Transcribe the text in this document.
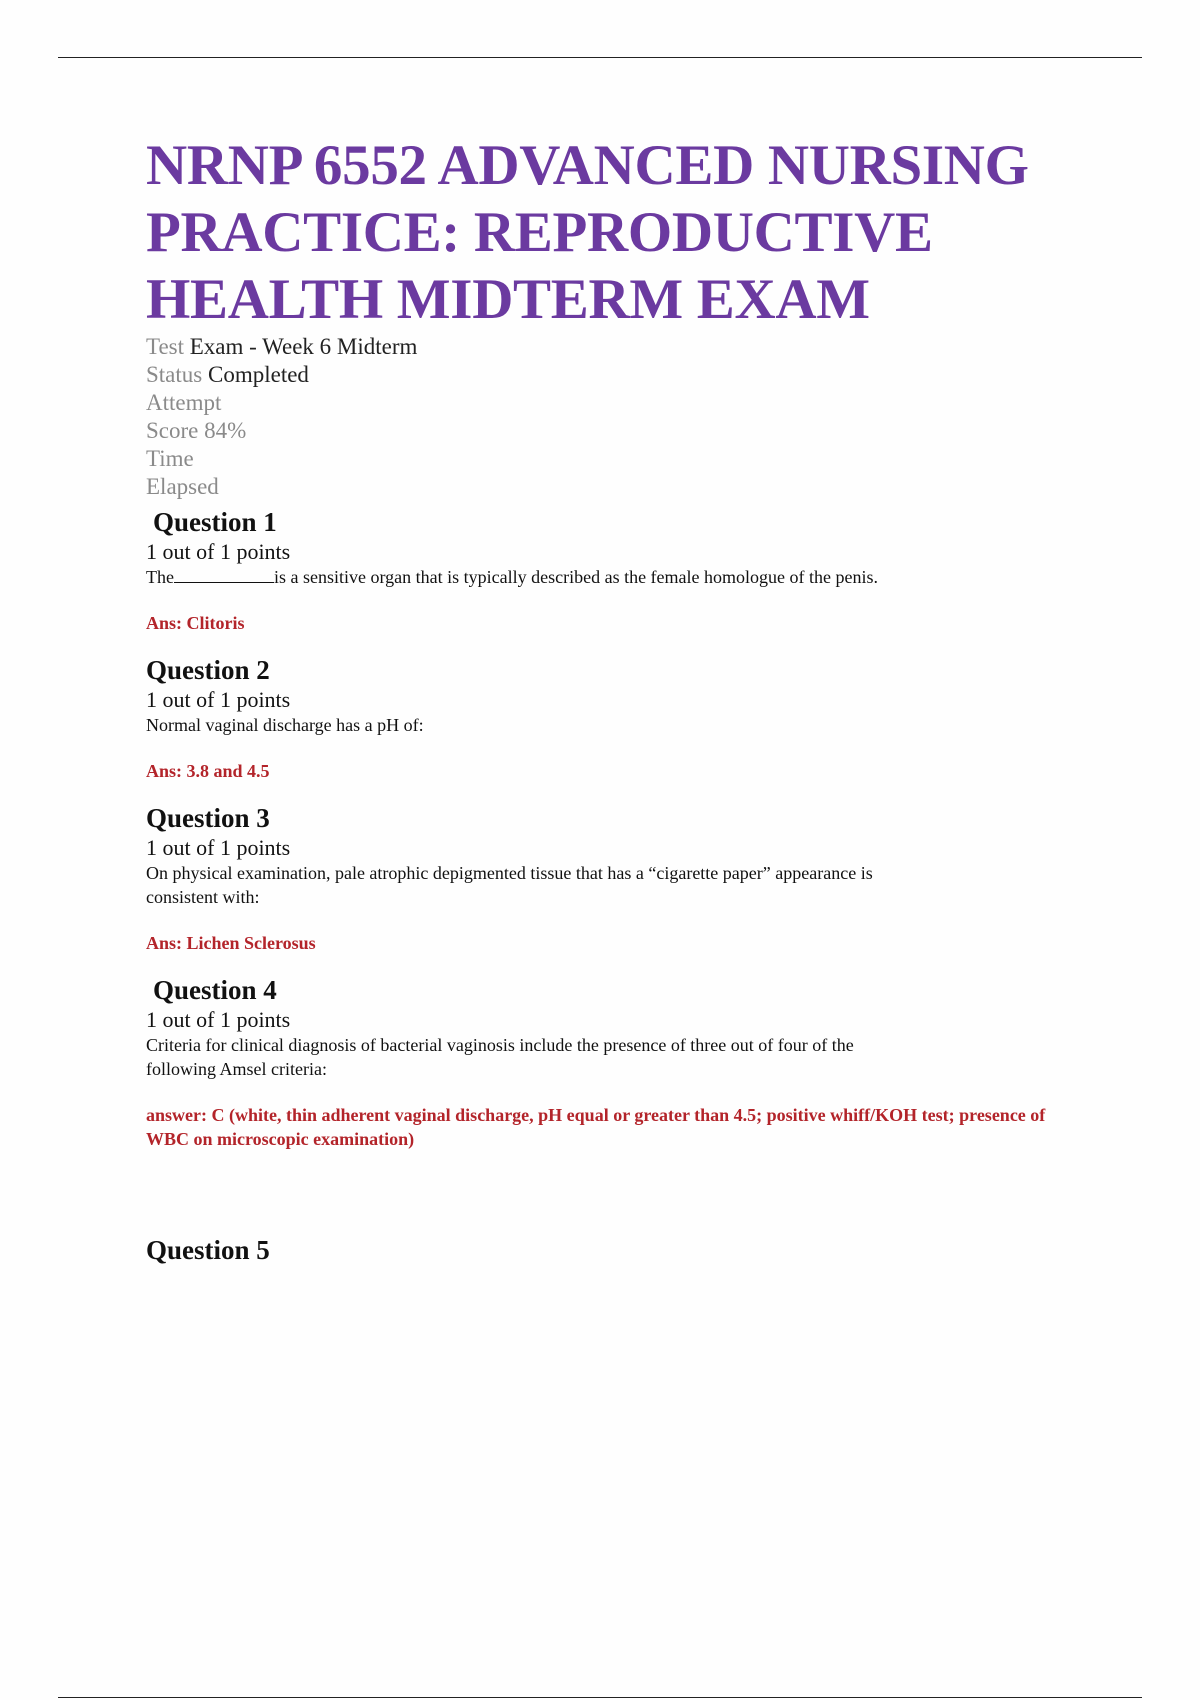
NRNP 6552 ADVANCED NURSING PRACTICE: REPRODUCTIVE HEALTH MIDTERM EXAM
Test Exam - Week 6 Midterm
Status Completed
Attempt
Score 84%
Time
Elapsed

Question 1

1 out of 1 points

The	is a sensitive organ that is typically described as the female homologue of the penis.

Ans: Clitoris

Question 2

1 out of 1 points

Normal vaginal discharge has a pH of:

Ans: 3.8 and 4.5

Question 3

1 out of 1 points

On physical examination, pale atrophic depigmented tissue that has a “cigarette paper” appearance is consistent with:

Ans: Lichen Sclerosus

Question 4

1 out of 1 points

Criteria for clinical diagnosis of bacterial vaginosis include the presence of three out of four of the following Amsel criteria:

answer: C (white, thin adherent vaginal discharge, pH equal or greater than 4.5; positive whiff/KOH test; presence of WBC on microscopic examination)

Question 5
